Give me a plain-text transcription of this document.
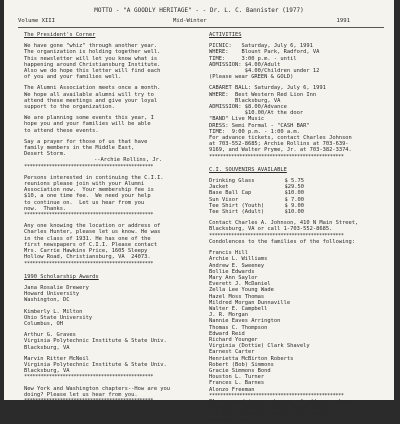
MOTTO - "A GOODLY HERITAGE" - - Dr. L. C. Bannister (1977)
Volume XIII	Mid-Winter	1991
The President's Corner
We have gone "whiz" through another year.
The organization is holding together well.
This newsletter will let you know what is
happening around Christiansburg Institute.
Also we do hope this letter will find each
of you and your families well.
The Alumni Association meets once a month.
We hope all available alumni will try to
attend these meetings and give your loyal
support to the organization.
We are planning some events this year, I
hope you and your families will be able
to attend these events.
Say a prayer for those of us that have
family members in the Middle East,
Desert Storm.
--Archie Rollins, Jr.
***********************************************
Persons interested in continuing the C.I.I.
reunions please join with your Alumni
Association now.  Your membership fee is
$10, a one time fee.  We need your help
to continue on.  Let us hear from you
now.  Thanks.
***********************************************
Any one knowing the location or address of
Charles Hunter, please let us know. He was
in the class of 1931. He has one of the
first newspapers of C.I.I. Please contact
Mrs. Carrie Hawkins Price, 1605 Sleepy
Hollow Road, Christiansburg, VA  24073.
***********************************************
1990 Scholarship Awards
Jana Rosalie Drewery
Howard University
Washington, DC
Kimberly L. Milton
Ohio State University
Columbus, OH
Arthur G. Graves
Virginia Polytechnic Institute & State Univ.
Blacksburg, VA
Marvin Ritter McNeil
Virginia Polytechnic Institute & State Univ.
Blacksburg, VA
***********************************************
New York and Washington chapters--How are you
doing? Please let us hear from you.
***********************************************
ACTIVITIES
PICNIC:   Saturday, July 6, 1991
WHERE:    Blount Park, Radford, VA
TIME:     3:00 p.m. - until
ADMISSION: $4.00/Adult
$4.00/Children under 12
(Please wear GREEN & GOLD)
CABARET BALL: Saturday, July 6, 1991
WHERE:  Best Western Red Lion Inn
Blacksburg, VA
ADMISSION: $8.00/Advance
$10.00/At the door
"BAND" Live Music
DRESS: Semi Formal - "CASH BAR"
TIME:  9:00 p.m. - 1:00 a.m.
For advance tickets, contact Charles Johnson
at 703-552-8685; Archie Rollins at 703-639-
9169, and Walter Pryme, Jr. at 703-382-3374.
*************************************************
C.I. SOUVENIRS AVAILABLE
Drinking Glass	$ 5.75
Jacket	$29.50
Base Ball Cap	$10.00
Sun Visor	$ 7.00
Tee Shirt (Youth)	$ 9.00
Tee Shirt (Adult)	$10.00
Contact Charles A. Johnson, 410 N Main Street,
Blacksburg, VA or call 1-703-552-8685.
*************************************************
Condolences to the families of the following:
Francis Hill
Archie L. Williams
Andrew E. Sweeney
Bollie Edwards
Mary Ann Saylor
Everett J. McDaniel
Zella Lee Young Wade
Hazel Moss Thomas
Mildred Morgan Dunnaville
Walter E. Campbell
J. R. Morgan
Nannie Eaves Arrington
Thomas C. Thompson
Edward Reid
Richard Younger
Virginia (Dottie) Clark Shavely
Earnest Carter
Henrietta McBirton Roberts
Robert (Bob) Simmons
Gracie Simmons Bond
Houston L. Turner
Frances L. Barnes
Alonzo Freeman
*************************************************
Please send in any changes of address, phone
numbers or deaths to any member of the
C.I.A.A. This will help us in keeping
accurate records.
